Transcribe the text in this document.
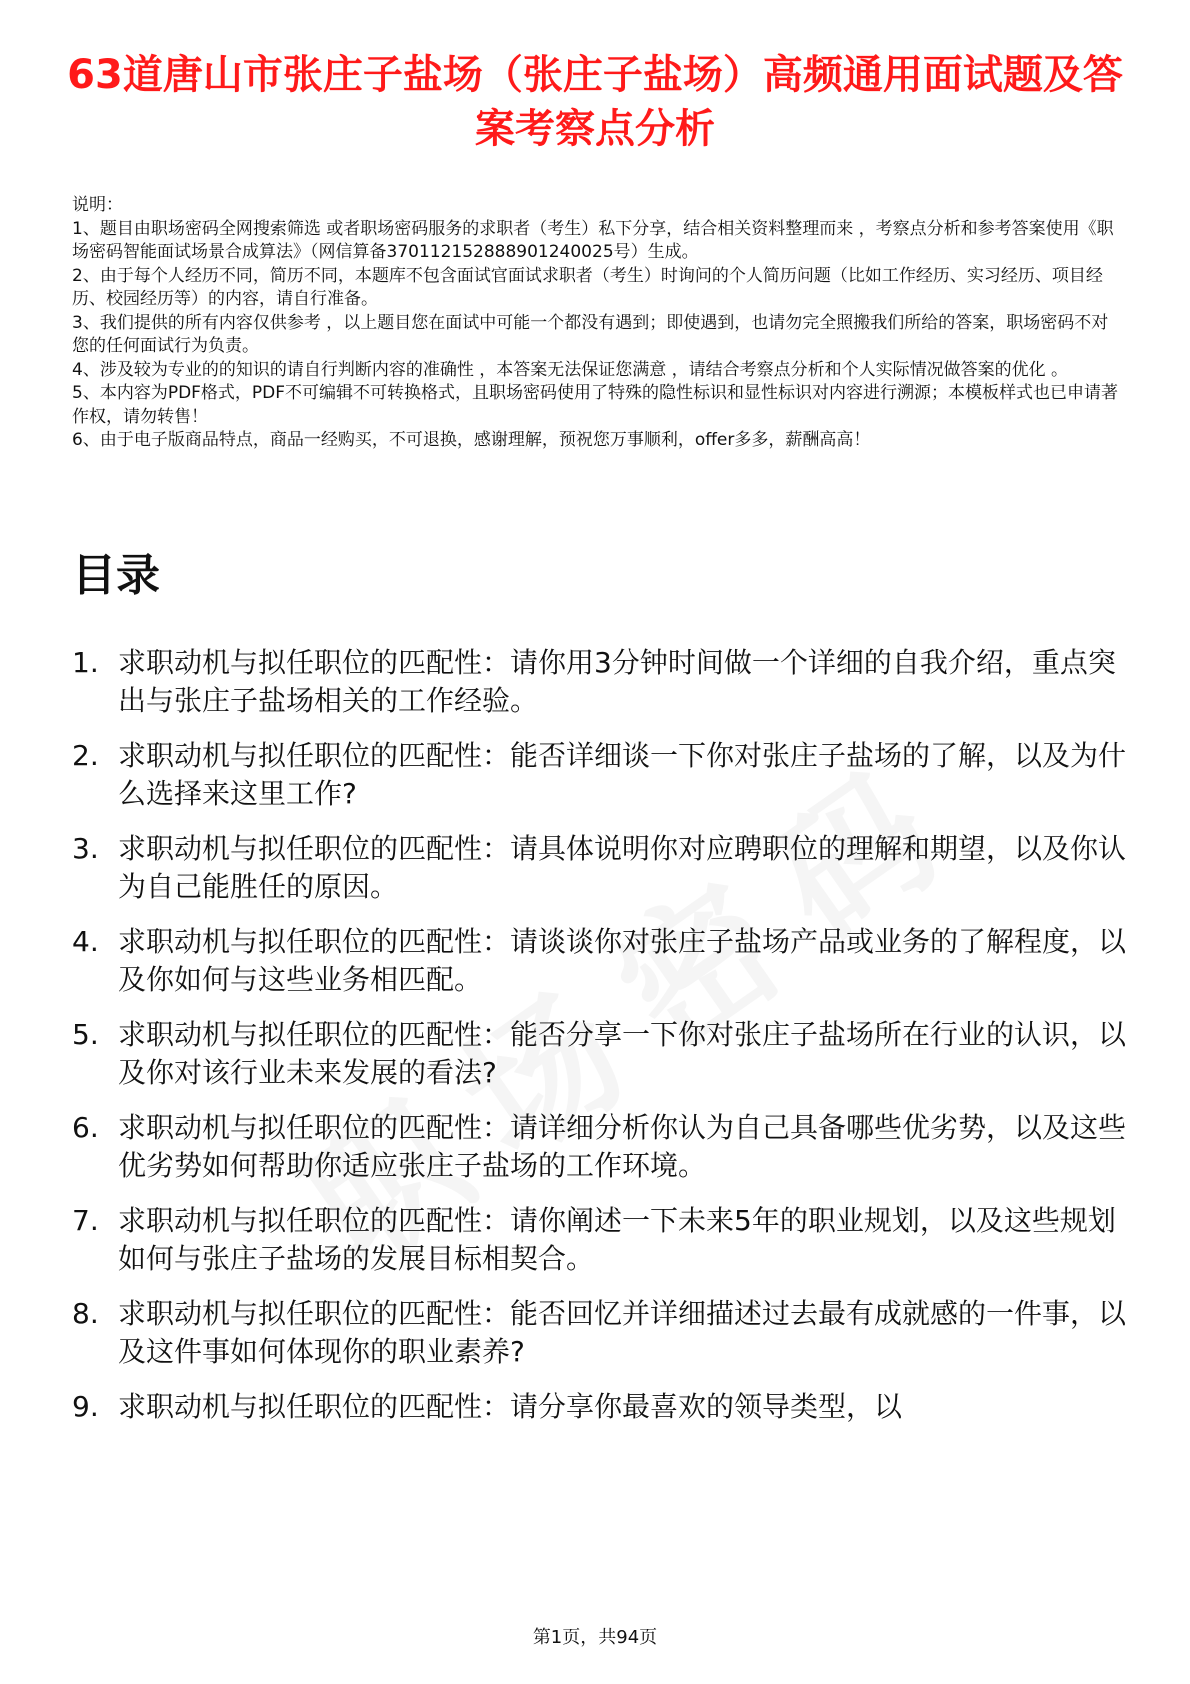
63道唐山市张庄子盐场（张庄子盐场）高频通用面试题及答案考察点分析

说明：

1、题目由职场密码全网搜索筛选 或者职场密码服务的求职者（考生）私下分享，结合相关资料整理而来 ，考察点分析和参考答案使用《职场密码智能面试场景合成算法》（网信算备370112152888901240025号）生成。

2、由于每个人经历不同，简历不同，本题库不包含面试官面试求职者（考生）时询问的个人简历问题（比如工作经历、实习经历、项目经历、校园经历等）的内容，请自行准备。

3、我们提供的所有内容仅供参考 ，以上题目您在面试中可能一个都没有遇到；即使遇到，也请勿完全照搬我们所给的答案，职场密码不对您的任何面试行为负责。

4、涉及较为专业的的知识的请自行判断内容的准确性 ，本答案无法保证您满意 ，请结合考察点分析和个人实际情况做答案的优化 。

5、本内容为PDF格式，PDF不可编辑不可转换格式，且职场密码使用了特殊的隐性标识和显性标识对内容进行溯源；本模板样式也已申请著作权，请勿转售！

6、由于电子版商品特点，商品一经购买，不可退换，感谢理解，预祝您万事顺利，offer多多，薪酬高高！

目录
1. 求职动机与拟任职位的匹配性：请你用3分钟时间做一个详细的自我介绍，重点突出与张庄子盐场相关的工作经验。
2. 求职动机与拟任职位的匹配性：能否详细谈一下你对张庄子盐场的了解，以及为什么选择来这里工作?
3. 求职动机与拟任职位的匹配性：请具体说明你对应聘职位的理解和期望，以及你认为自己能胜任的原因。
4. 求职动机与拟任职位的匹配性：请谈谈你对张庄子盐场产品或业务的了解程度，以及你如何与这些业务相匹配。
5. 求职动机与拟任职位的匹配性：能否分享一下你对张庄子盐场所在行业的认识，以及你对该行业未来发展的看法?
6. 求职动机与拟任职位的匹配性：请详细分析你认为自己具备哪些优劣势，以及这些优劣势如何帮助你适应张庄子盐场的工作环境。
7. 求职动机与拟任职位的匹配性：请你阐述一下未来5年的职业规划，以及这些规划如何与张庄子盐场的发展目标相契合。
8. 求职动机与拟任职位的匹配性：能否回忆并详细描述过去最有成就感的一件事，以及这件事如何体现你的职业素养?
9. 求职动机与拟任职位的匹配性：请分享你最喜欢的领导类型，以
第1页，共94页
